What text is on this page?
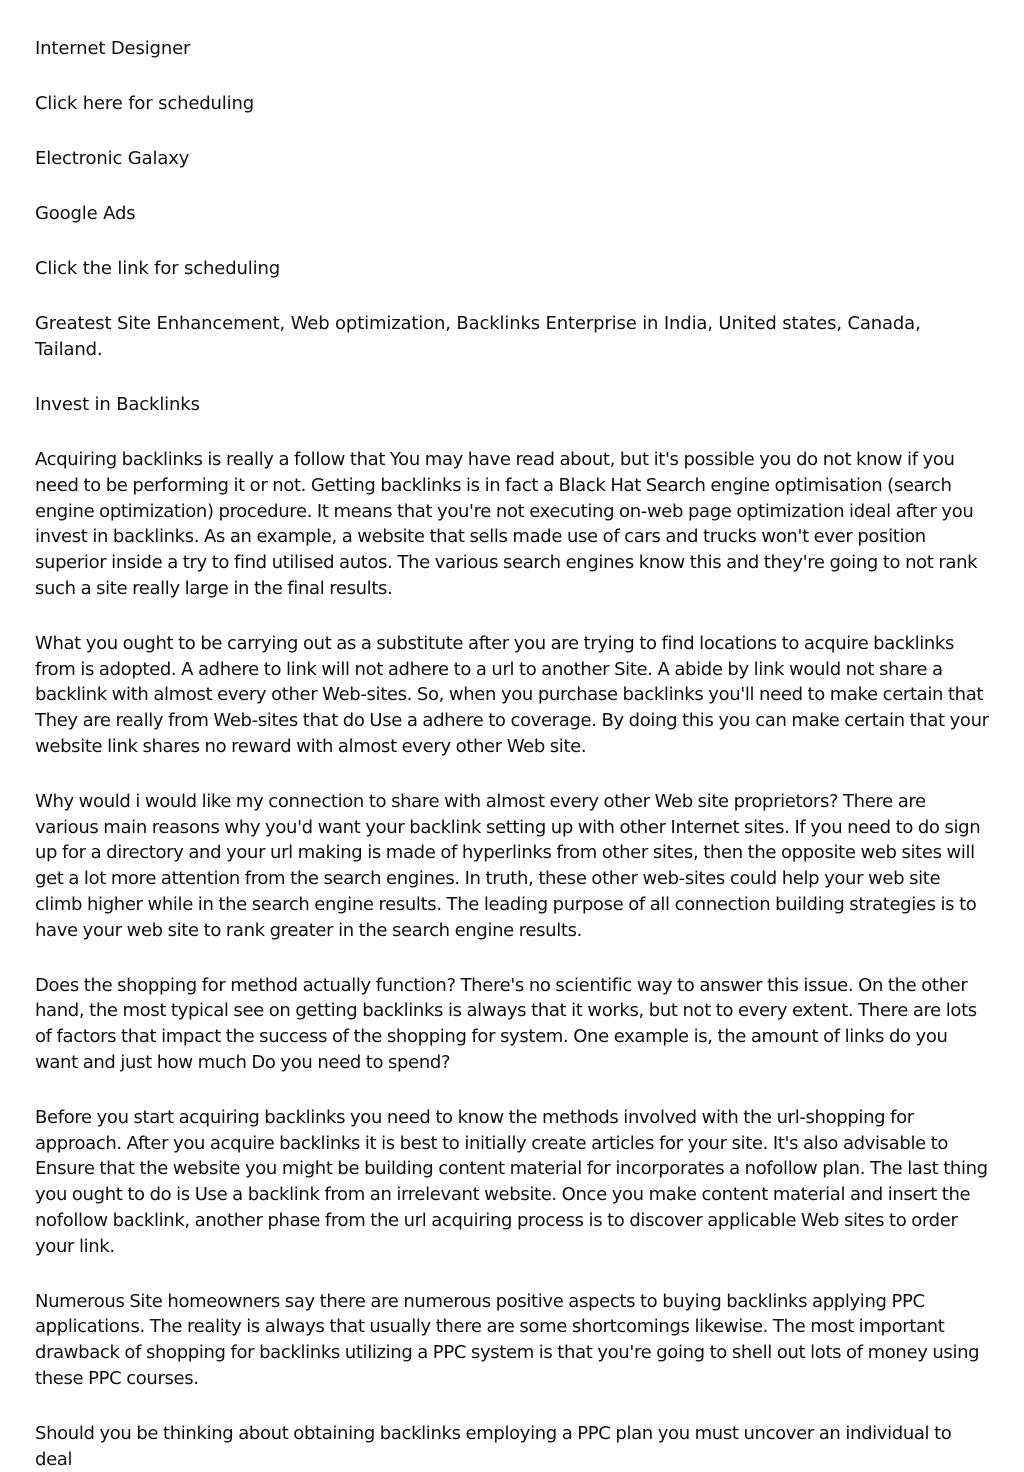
Internet Designer

Click here for scheduling

Electronic Galaxy

Google Ads

Click the link for scheduling

Greatest Site Enhancement, Web optimization, Backlinks Enterprise in India, United states, Canada, Tailand.

Invest in Backlinks

Acquiring backlinks is really a follow that You may have read about, but it's possible you do not know if you need to be performing it or not. Getting backlinks is in fact a Black Hat Search engine optimisation (search engine optimization) procedure. It means that you're not executing on-web page optimization ideal after you invest in backlinks. As an example, a website that sells made use of cars and trucks won't ever position superior inside a try to find utilised autos. The various search engines know this and they're going to not rank such a site really large in the final results.

What you ought to be carrying out as a substitute after you are trying to find locations to acquire backlinks from is adopted. A adhere to link will not adhere to a url to another Site. A abide by link would not share a backlink with almost every other Web-sites. So, when you purchase backlinks you'll need to make certain that They are really from Web-sites that do Use a adhere to coverage. By doing this you can make certain that your website link shares no reward with almost every other Web site.

Why would i would like my connection to share with almost every other Web site proprietors? There are various main reasons why you'd want your backlink setting up with other Internet sites. If you need to do sign up for a directory and your url making is made of hyperlinks from other sites, then the opposite web sites will get a lot more attention from the search engines. In truth, these other web-sites could help your web site climb higher while in the search engine results. The leading purpose of all connection building strategies is to have your web site to rank greater in the search engine results.

Does the shopping for method actually function? There's no scientific way to answer this issue. On the other hand, the most typical see on getting backlinks is always that it works, but not to every extent. There are lots of factors that impact the success of the shopping for system. One example is, the amount of links do you want and just how much Do you need to spend?

Before you start acquiring backlinks you need to know the methods involved with the url-shopping for approach. After you acquire backlinks it is best to initially create articles for your site. It's also advisable to Ensure that the website you might be building content material for incorporates a nofollow plan. The last thing you ought to do is Use a backlink from an irrelevant website. Once you make content material and insert the nofollow backlink, another phase from the url acquiring process is to discover applicable Web sites to order your link.

Numerous Site homeowners say there are numerous positive aspects to buying backlinks applying PPC applications. The reality is always that usually there are some shortcomings likewise. The most important drawback of shopping for backlinks utilizing a PPC system is that you're going to shell out lots of money using these PPC courses.

Should you be thinking about obtaining backlinks employing a PPC plan you must uncover an individual to deal
